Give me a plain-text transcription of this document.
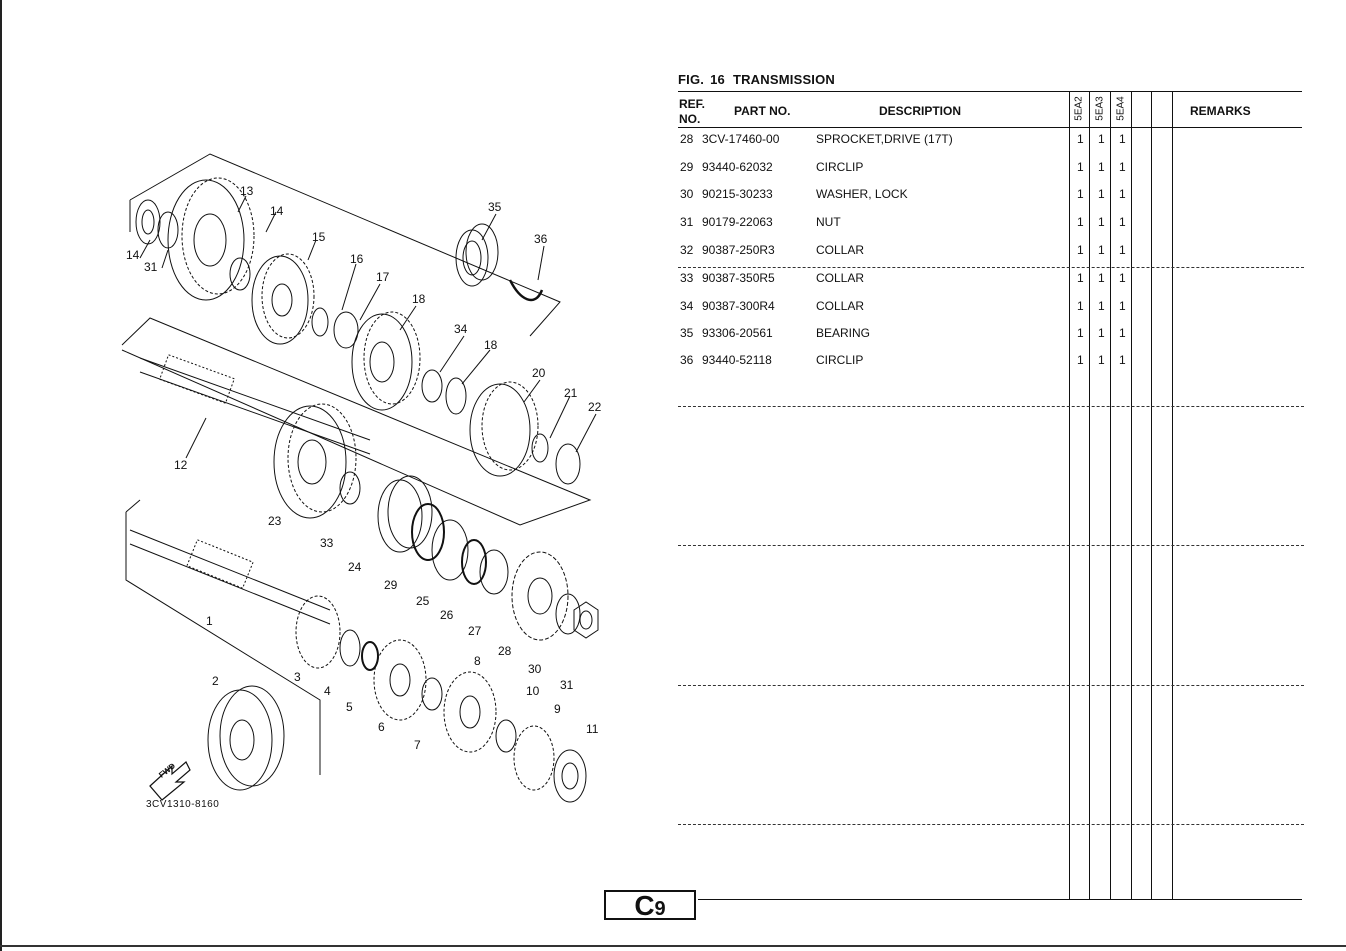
13
14
14
31
15
16
17
18
35
36
34
18
20
21
22
12
23
33
24
29
25
26
27
28
30
31
1
2	3
4
5
6
7
8
10
9
11
FWD
3CV1310-8160
FIG. 16 TRANSMISSION
REF.
NO.
PART NO.	DESCRIPTION	5EA2 5EA3 5EA4	REMARKS
28 3CV-17460-00	SPROCKET,DRIVE (17T)	1 1 1
29 93440-62032	CIRCLIP	1 1 1
30 90215-30233	WASHER, LOCK	1 1 1
31 90179-22063	NUT	1 1 1
32 90387-250R3	COLLAR	1 1 1
33 90387-350R5	COLLAR	1 1 1
34 90387-300R4	COLLAR	1 1 1
35 93306-20561	BEARING	1 1 1
36 93440-52118	CIRCLIP	1 1 1
C9
